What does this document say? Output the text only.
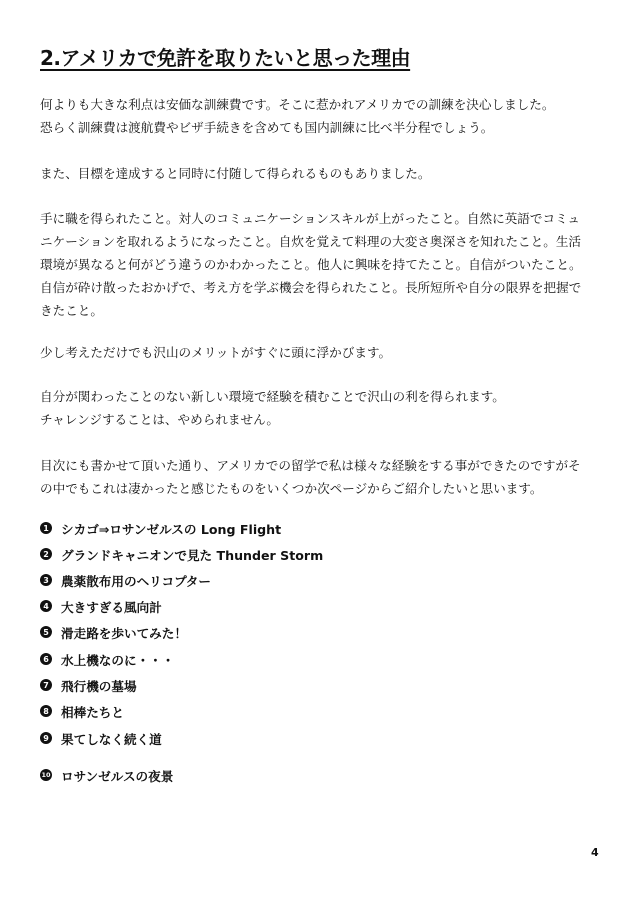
2.アメリカで免許を取りたいと思った理由
何よりも大きな利点は安価な訓練費です。そこに惹かれアメリカでの訓練を決心しました。
恐らく訓練費は渡航費やビザ手続きを含めても国内訓練に比べ半分程でしょう。
また、目標を達成すると同時に付随して得られるものもありました。
手に職を得られたこと。対人のコミュニケーションスキルが上がったこと。自然に英語でコミュ
ニケーションを取れるようになったこと。自炊を覚えて料理の大変さ奥深さを知れたこと。生活
環境が異なると何がどう違うのかわかったこと。他人に興味を持てたこと。自信がついたこと。
自信が砕け散ったおかげで、考え方を学ぶ機会を得られたこと。長所短所や自分の限界を把握で
きたこと。
少し考えただけでも沢山のメリットがすぐに頭に浮かびます。
自分が関わったことのない新しい環境で経験を積むことで沢山の利を得られます。
チャレンジすることは、やめられません。
目次にも書かせて頂いた通り、アメリカでの留学で私は様々な経験をする事ができたのですがそ
の中でもこれは凄かったと感じたものをいくつか次ページからご紹介したいと思います。
1 シカゴ⇒ロサンゼルスの Long Flight
2 グランドキャニオンで見た Thunder Storm
3 農薬散布用のヘリコプター
4 大きすぎる風向計
5 滑走路を歩いてみた！
6 水上機なのに・・・
7 飛行機の墓場
8 相棒たちと
9 果てしなく続く道
10 ロサンゼルスの夜景
4
